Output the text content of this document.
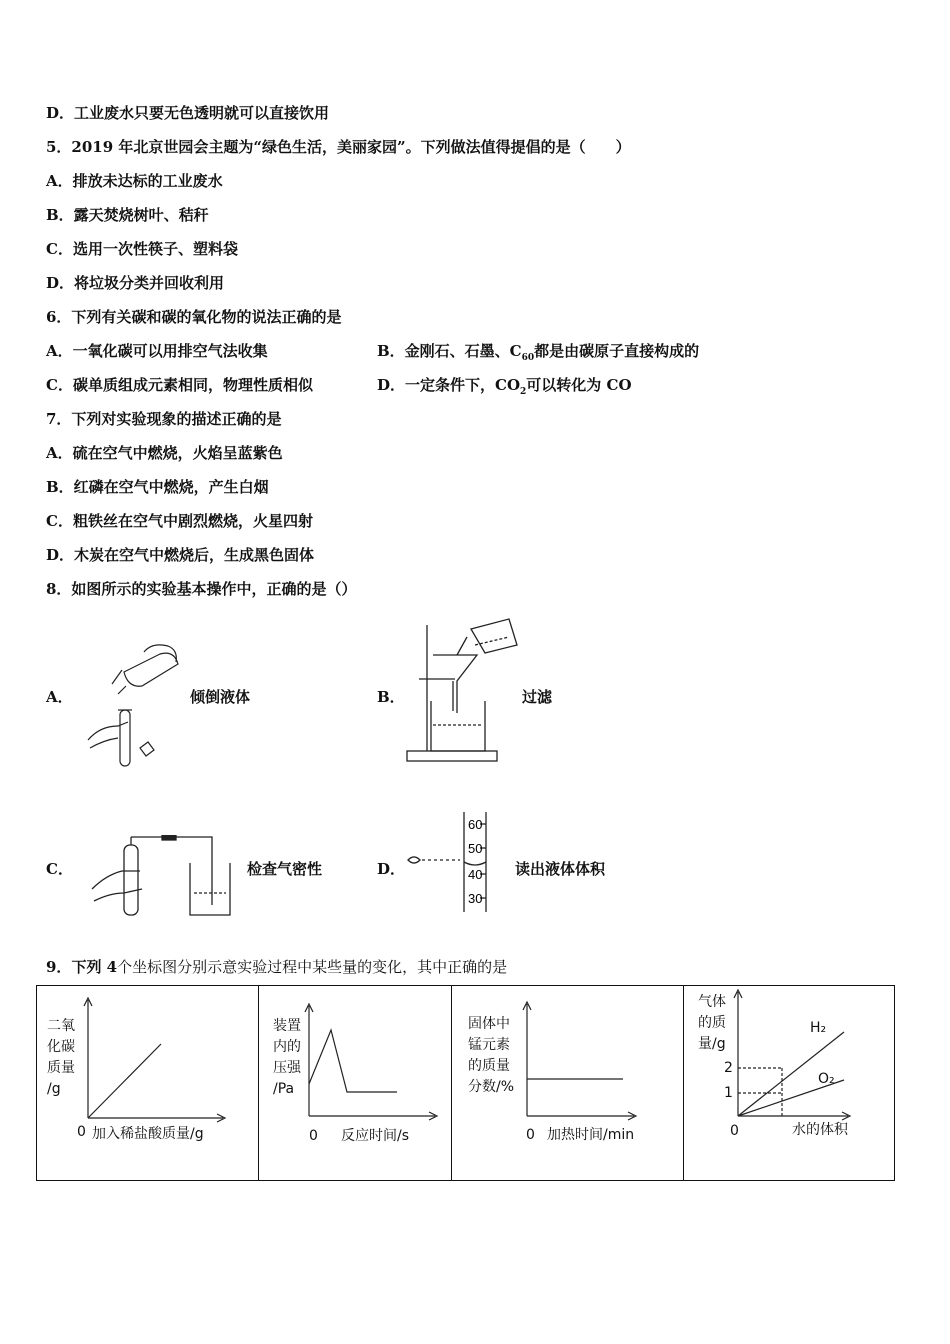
D．工业废水只要无色透明就可以直接饮用
5．2019 年北京世园会主题为“绿色生活，美丽家园”。下列做法值得提倡的是（　　）
A．排放未达标的工业废水
B．露天焚烧树叶、秸秆
C．选用一次性筷子、塑料袋
D．将垃圾分类并回收利用
6．下列有关碳和碳的氧化物的说法正确的是
A．一氧化碳可以用排空气法收集	B．金刚石、石墨、$C_{60}$都是由碳原子直接构成的
C．碳单质组成元素相同，物理性质相似	D．一定条件下，$CO_2$可以转化为 CO
7．下列对实验现象的描述正确的是
A．硫在空气中燃烧，火焰呈蓝紫色
B．红磷在空气中燃烧，产生白烟
C．粗铁丝在空气中剧烈燃烧，火星四射
D．木炭在空气中燃烧后，生成黑色固体
8．如图所示的实验基本操作中，正确的是（）
A．	倾倒液体	B．	过滤
C．	检查气密性	D．
60
50
40
30
读出液体体积
9．下列 4个坐标图分别示意实验过程中某些量的变化，其中正确的是
二氧
化碳
质量
/g
0 加入稀盐酸质量/g
装置
内的
压强
/Pa
0 反应时间/s
固体中
锰元素
的质量
分数/%
0 加热时间/min
气体
的质
量/g
2
1
H₂
O₂
0	水的体积
